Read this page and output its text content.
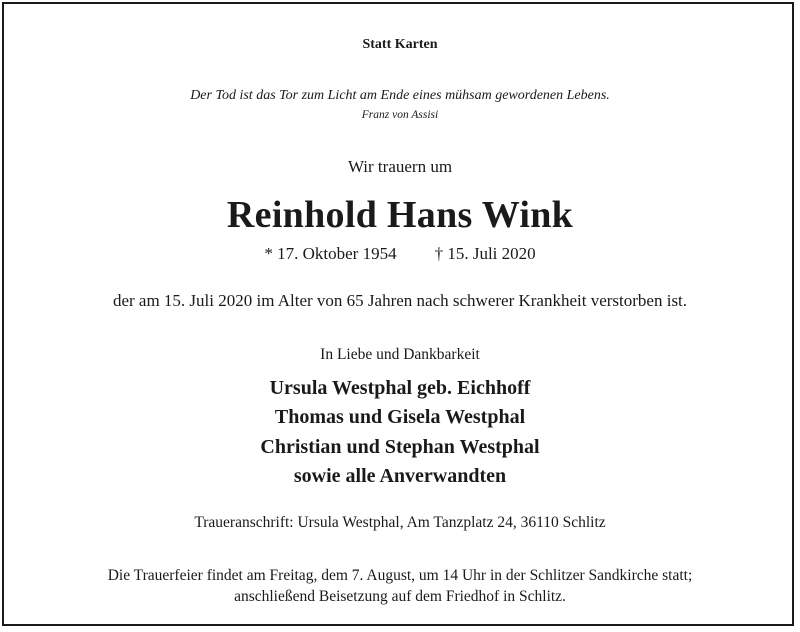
Statt Karten
Der Tod ist das Tor zum Licht am Ende eines mühsam gewordenen Lebens.
Franz von Assisi
Wir trauern um
Reinhold Hans Wink
* 17. Oktober 1954 † 15. Juli 2020
der am 15. Juli 2020 im Alter von 65 Jahren nach schwerer Krankheit verstorben ist.
In Liebe und Dankbarkeit
Ursula Westphal geb. Eichhoff
Thomas und Gisela Westphal
Christian und Stephan Westphal
sowie alle Anverwandten
Traueranschrift: Ursula Westphal, Am Tanzplatz 24, 36110 Schlitz
Die Trauerfeier findet am Freitag, dem 7. August, um 14 Uhr in der Schlitzer Sandkirche statt;
anschließend Beisetzung auf dem Friedhof in Schlitz.
